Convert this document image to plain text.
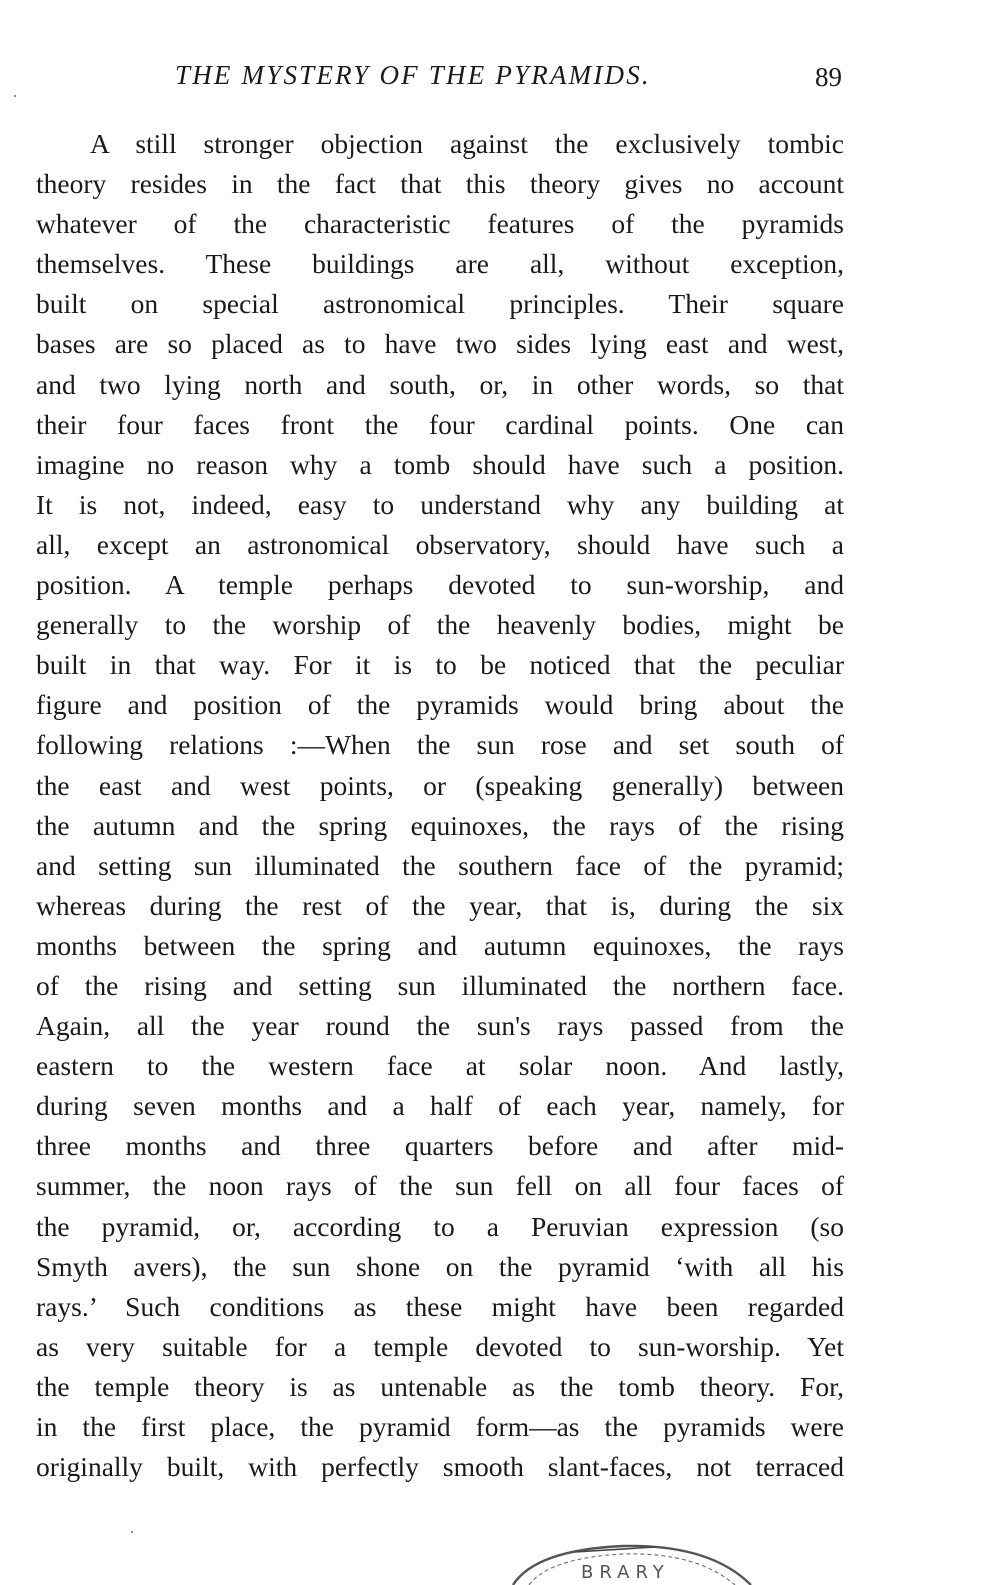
THE MYSTERY OF THE PYRAMIDS.	89
A still stronger objection against the exclusively tombic
theory resides in the fact that this theory gives no account
whatever of the characteristic features of the pyramids
themselves. These buildings are all, without exception,
built on special astronomical principles. Their square
bases are so placed as to have two sides lying east and west,
and two lying north and south, or, in other words, so that
their four faces front the four cardinal points. One can
imagine no reason why a tomb should have such a position.
It is not, indeed, easy to understand why any building at
all, except an astronomical observatory, should have such a
position. A temple perhaps devoted to sun-worship, and
generally to the worship of the heavenly bodies, might be
built in that way. For it is to be noticed that the peculiar
figure and position of the pyramids would bring about the
following relations :—When the sun rose and set south of
the east and west points, or (speaking generally) between
the autumn and the spring equinoxes, the rays of the rising
and setting sun illuminated the southern face of the pyramid;
whereas during the rest of the year, that is, during the six
months between the spring and autumn equinoxes, the rays
of the rising and setting sun illuminated the northern face.
Again, all the year round the sun's rays passed from the
eastern to the western face at solar noon. And lastly,
during seven months and a half of each year, namely, for
three months and three quarters before and after mid-
summer, the noon rays of the sun fell on all four faces of
the pyramid, or, according to a Peruvian expression (so
Smyth avers), the sun shone on the pyramid ‘with all his
rays.’ Such conditions as these might have been regarded
as very suitable for a temple devoted to sun-worship. Yet
the temple theory is as untenable as the tomb theory. For,
in the first place, the pyramid form—as the pyramids were
originally built, with perfectly smooth slant-faces, not terraced
BRARY
